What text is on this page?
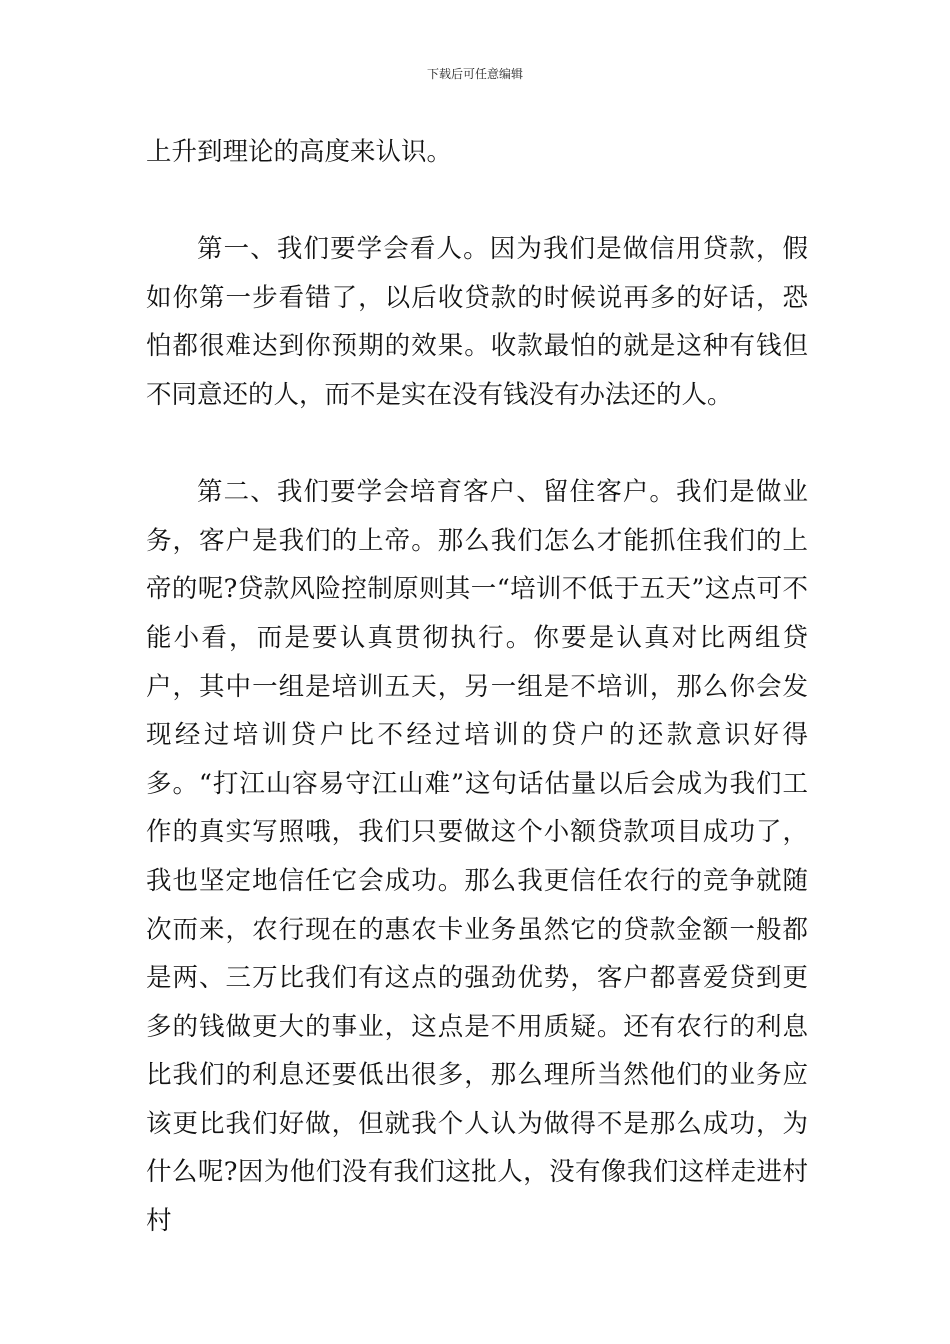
下载后可任意编辑

上升到理论的高度来认识。

第一、我们要学会看人。因为我们是做信用贷款，假如你第一步看错了，以后收贷款的时候说再多的好话，恐怕都很难达到你预期的效果。收款最怕的就是这种有钱但不同意还的人，而不是实在没有钱没有办法还的人。

第二、我们要学会培育客户、留住客户。我们是做业务，客户是我们的上帝。那么我们怎么才能抓住我们的上帝的呢?贷款风险控制原则其一“培训不低于五天”这点可不能小看，而是要认真贯彻执行。你要是认真对比两组贷户，其中一组是培训五天，另一组是不培训，那么你会发现经过培训贷户比不经过培训的贷户的还款意识好得多。“打江山容易守江山难”这句话估量以后会成为我们工作的真实写照哦，我们只要做这个小额贷款项目成功了，我也坚定地信任它会成功。那么我更信任农行的竞争就随次而来，农行现在的惠农卡业务虽然它的贷款金额一般都是两、三万比我们有这点的强劲优势，客户都喜爱贷到更多的钱做更大的事业，这点是不用质疑。还有农行的利息比我们的利息还要低出很多，那么理所当然他们的业务应该更比我们好做，但就我个人认为做得不是那么成功，为什么呢?因为他们没有我们这批人，没有像我们这样走进村村
